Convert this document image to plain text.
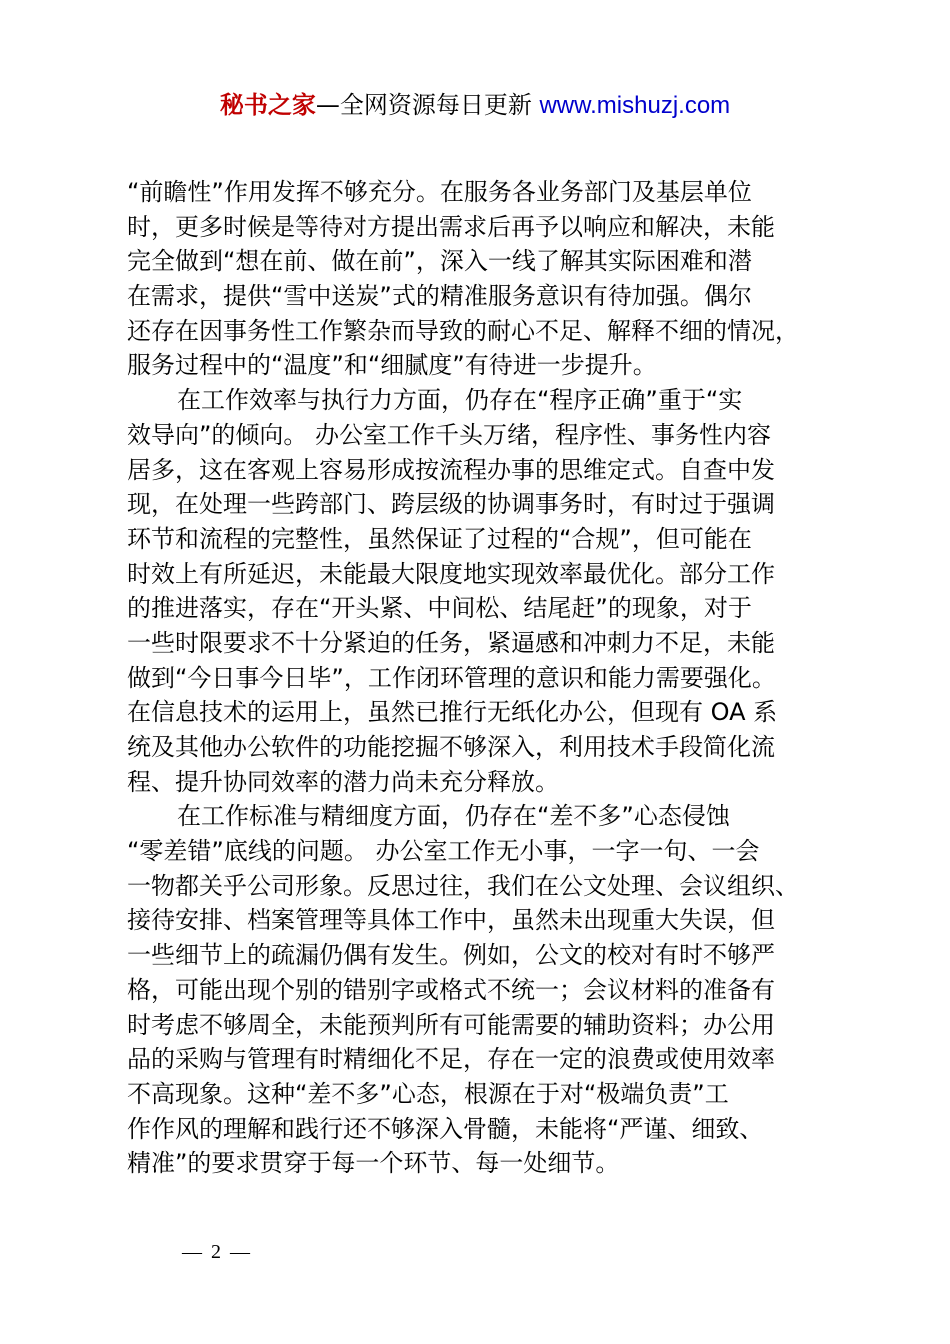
秘书之家—全网资源每日更新 www.mishuzj.com
“前瞻性”作用发挥不够充分。在服务各业务部门及基层单位
时，更多时候是等待对方提出需求后再予以响应和解决，未能
完全做到“想在前、做在前”，深入一线了解其实际困难和潜
在需求，提供“雪中送炭”式的精准服务意识有待加强。偶尔
还存在因事务性工作繁杂而导致的耐心不足、解释不细的情况，
服务过程中的“温度”和“细腻度”有待进一步提升。
在工作效率与执行力方面，仍存在“程序正确”重于“实
效导向”的倾向。 办公室工作千头万绪，程序性、事务性内容
居多，这在客观上容易形成按流程办事的思维定式。自查中发
现，在处理一些跨部门、跨层级的协调事务时，有时过于强调
环节和流程的完整性，虽然保证了过程的“合规”，但可能在
时效上有所延迟，未能最大限度地实现效率最优化。部分工作
的推进落实，存在“开头紧、中间松、结尾赶”的现象，对于
一些时限要求不十分紧迫的任务，紧逼感和冲刺力不足，未能
做到“今日事今日毕”，工作闭环管理的意识和能力需要强化。
在信息技术的运用上，虽然已推行无纸化办公，但现有 OA 系
统及其他办公软件的功能挖掘不够深入，利用技术手段简化流
程、提升协同效率的潜力尚未充分释放。
在工作标准与精细度方面，仍存在“差不多”心态侵蚀
“零差错”底线的问题。 办公室工作无小事，一字一句、一会
一物都关乎公司形象。反思过往，我们在公文处理、会议组织、
接待安排、档案管理等具体工作中，虽然未出现重大失误，但
一些细节上的疏漏仍偶有发生。例如，公文的校对有时不够严
格，可能出现个别的错别字或格式不统一；会议材料的准备有
时考虑不够周全，未能预判所有可能需要的辅助资料；办公用
品的采购与管理有时精细化不足，存在一定的浪费或使用效率
不高现象。这种“差不多”心态，根源在于对“极端负责”工
作作风的理解和践行还不够深入骨髓，未能将“严谨、细致、
精准”的要求贯穿于每一个环节、每一处细节。
— 2 —
